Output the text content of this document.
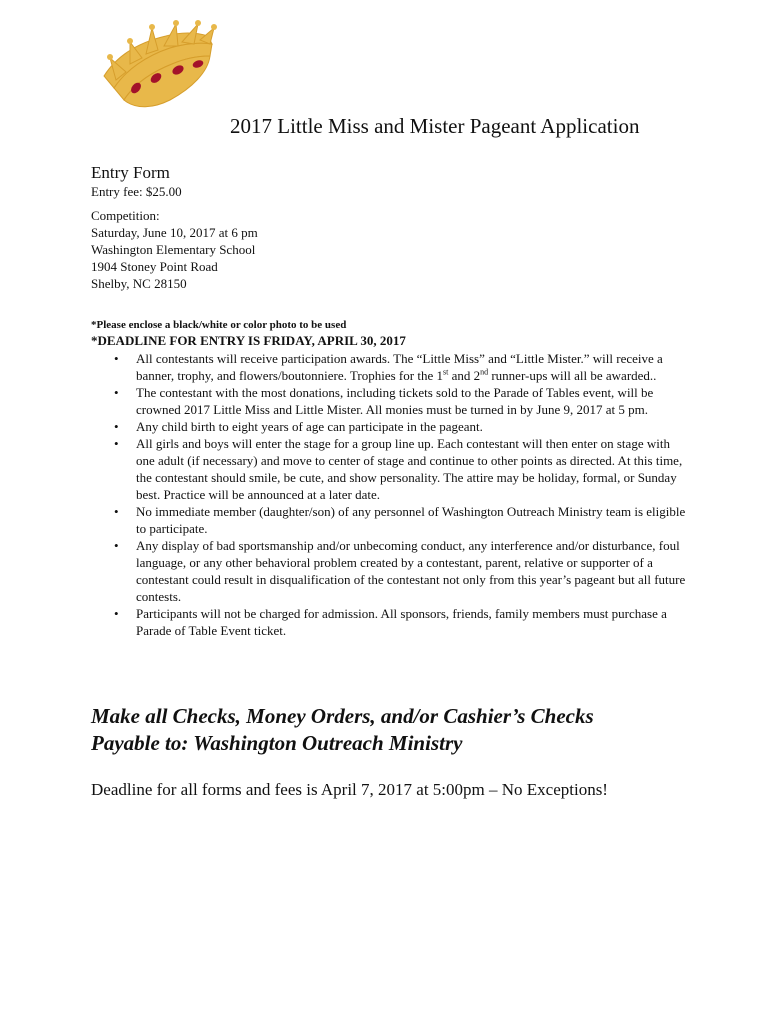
2017 Little Miss and Mister Pageant Application
Entry Form
Entry fee: $25.00
Competition:
Saturday, June 10, 2017 at 6 pm
Washington Elementary School
1904 Stoney Point Road
Shelby, NC 28150
*Please enclose a black/white or color photo to be used
*DEADLINE FOR ENTRY IS FRIDAY, APRIL 30, 2017
• All contestants will receive participation awards. The “Little Miss” and “Little Mister.” will receive a banner, trophy, and flowers/boutonniere. Trophies for the 1st and 2nd runner-ups will all be awarded..
• The contestant with the most donations, including tickets sold to the Parade of Tables event, will be crowned 2017 Little Miss and Little Mister. All monies must be turned in by June 9, 2017 at 5 pm.
• Any child birth to eight years of age can participate in the pageant.
• All girls and boys will enter the stage for a group line up. Each contestant will then enter on stage with one adult (if necessary) and move to center of stage and continue to other points as directed. At this time, the contestant should smile, be cute, and show personality. The attire may be holiday, formal, or Sunday best. Practice will be announced at a later date.
• No immediate member (daughter/son) of any personnel of Washington Outreach Ministry team is eligible to participate.
• Any display of bad sportsmanship and/or unbecoming conduct, any interference and/or disturbance, foul language, or any other behavioral problem created by a contestant, parent, relative or supporter of a contestant could result in disqualification of the contestant not only from this year’s pageant but all future contests.
• Participants will not be charged for admission. All sponsors, friends, family members must purchase a Parade of Table Event ticket.
Make all Checks, Money Orders, and/or Cashier’s Checks
Payable to: Washington Outreach Ministry
Deadline for all forms and fees is April 7, 2017 at 5:00pm – No Exceptions!
